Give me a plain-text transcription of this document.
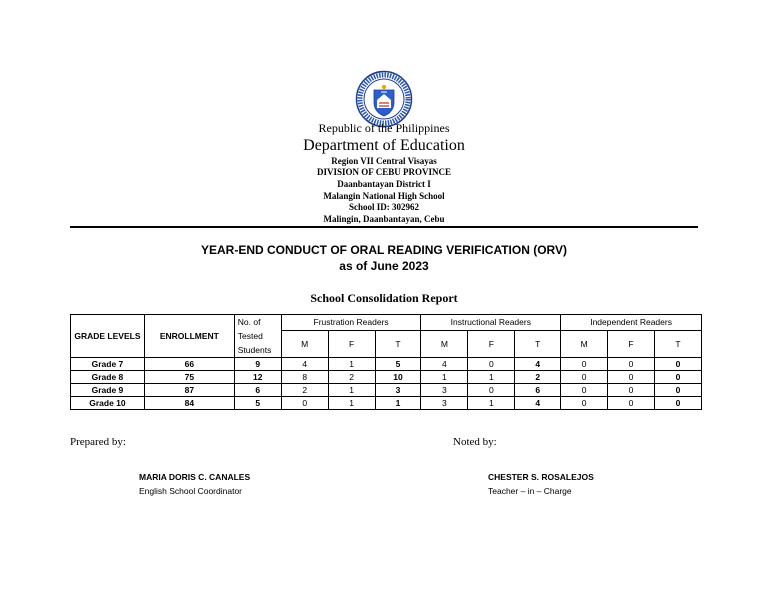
Republic of the Philippines
Department of Education
Region VII Central Visayas
DIVISION OF CEBU PROVINCE
Daanbantayan District I
Malangin National High School
School ID: 302962
Malingin, Daanbantayan, Cebu
YEAR-END CONDUCT OF ORAL READING VERIFICATION (ORV)
as of June 2023
School Consolidation Report
GRADE LEVELS	ENROLLMENT	No. of Tested Students	Frustration Readers			Instructional Readers			Independent Readers		
			M	F	T	M	F	T	M	F	T
Grade 7	66	9	4	1	5	4	0	4	0	0	0
Grade 8	75	12	8	2	10	1	1	2	0	0	0
Grade 9	87	6	2	1	3	3	0	6	0	0	0
Grade 10	84	5	0	1	1	3	1	4	0	0	0
Prepared by:	Noted by:
MARIA DORIS C. CANALES
English School Coordinator
CHESTER S. ROSALEJOS
Teacher – in – Charge
